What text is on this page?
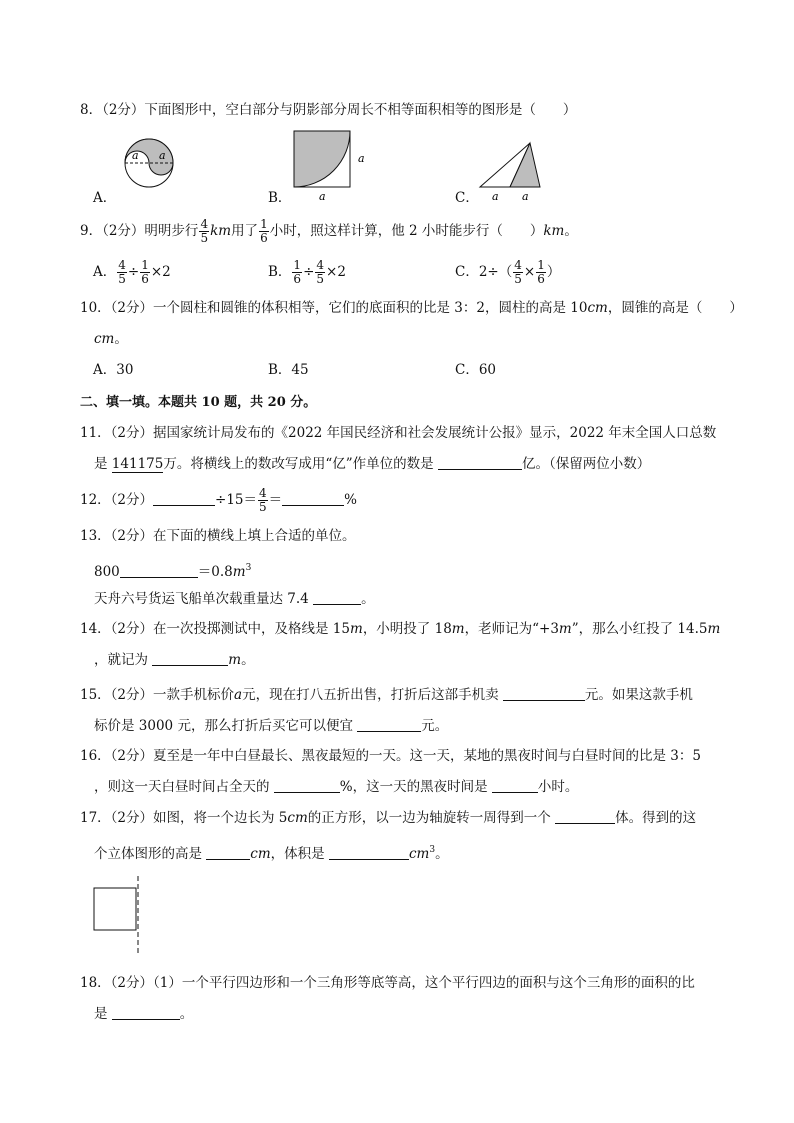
8．（2分）下面图形中，空白部分与阴影部分周长不相等面积相等的图形是（　　）
a a
A．
a
a
B．	a a
C．
9．（2分）明明步行 $\frac{4}{5}$ km用了 $\frac{1}{6}$ 小时，照这样计算，他 2 小时能步行（　　）km。
A． $\frac{4}{5} \div \frac{1}{6} \times 2$	B． $\frac{1}{6} \div \frac{4}{5} \times 2$	C．$2\div( \frac{4}{5} \times \frac{1}{6}$ ）
10．（2分）一个圆柱和圆锥的体积相等，它们的底面积的比是 3：2，圆柱的高是 10cm，圆锥的高是（　　）
cm。
A．30	B．45	C．60
二、填一填。本题共 10 题，共 20 分。
11．（2分）据国家统计局发布的《2022 年国民经济和社会发展统计公报》显示，2022 年末全国人口总数
是 141175万。将横线上的数改写成用“亿”作单位的数是	亿。（保留两位小数）
12．（2分）	$\div 15= \frac{4}{5}$ ＝	%
13．（2分）在下面的横线上填上合适的单位。
800	$=0.8m^3$
天舟六号货运飞船单次载重量达 7.4	。
14．（2分）在一次投掷测试中，及格线是 15m，小明投了 18m，老师记为“+3m”，那么小红投了 14.5m
，就记为	m。
15．（2分）一款手机标价a元，现在打八五折出售，打折后这部手机卖	元。如果这款手机
标价是 3000 元，那么打折后买它可以便宜	元。
16．（2分）夏至是一年中白昼最长、黑夜最短的一天。这一天，某地的黑夜时间与白昼时间的比是 3：5
，则这一天白昼时间占全天的	%，这一天的黑夜时间是	小时。
17．（2分）如图，将一个边长为 5cm的正方形，以一边为轴旋转一周得到一个	体。得到的这
个立体图形的高是	cm，体积是	$cm^3$。
18．（2分）（1）一个平行四边形和一个三角形等底等高，这个平行四边的面积与这个三角形的面积的比
是	。
